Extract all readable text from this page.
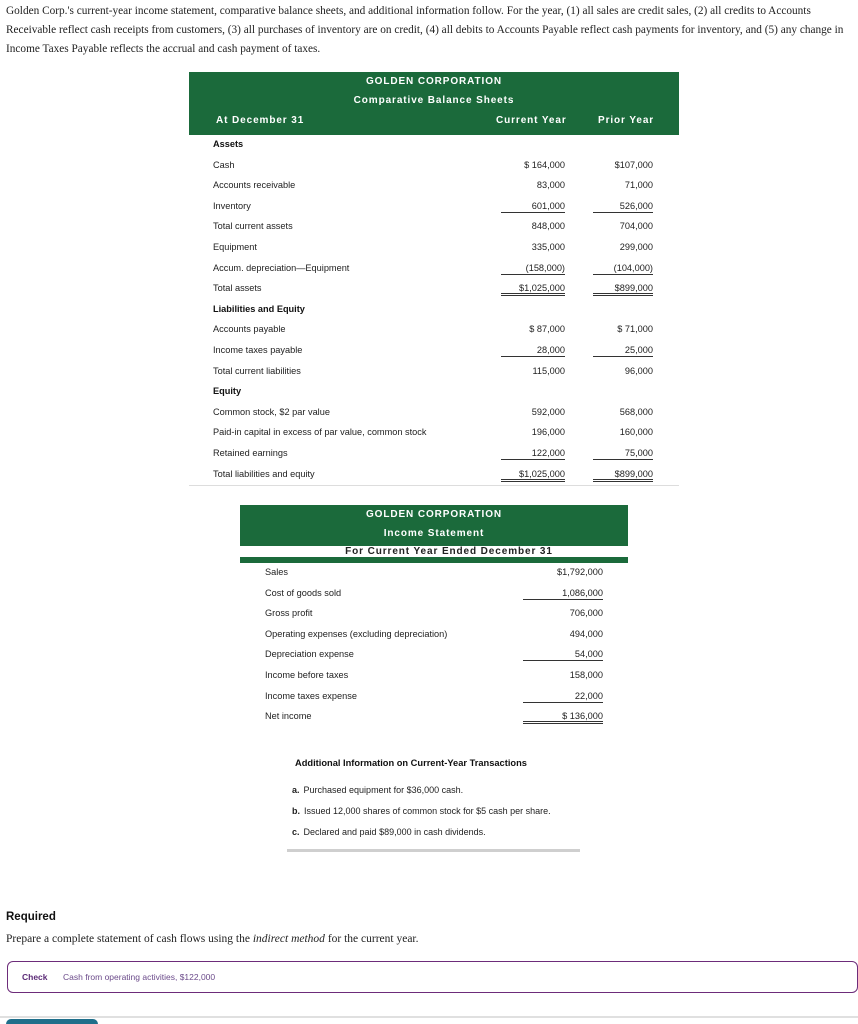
Golden Corp.'s current-year income statement, comparative balance sheets, and additional information follow. For the year, (1) all sales are credit sales, (2) all credits to Accounts Receivable reflect cash receipts from customers, (3) all purchases of inventory are on credit, (4) all debits to Accounts Payable reflect cash payments for inventory, and (5) any change in Income Taxes Payable reflects the accrual and cash payment of taxes.

GOLDEN CORPORATION
Comparative Balance Sheets
At December 31	Current Year	Prior Year
Assets
Cash	$ 164,000	$107,000
Accounts receivable	83,000	71,000
Inventory	601,000	526,000
Total current assets	848,000	704,000
Equipment	335,000	299,000
Accum. depreciation—Equipment	(158,000)	(104,000)
Total assets	$1,025,000	$899,000
Liabilities and Equity
Accounts payable	$ 87,000	$ 71,000
Income taxes payable	28,000	25,000
Total current liabilities	115,000	96,000
Equity
Common stock, $2 par value	592,000	568,000
Paid-in capital in excess of par value, common stock	196,000	160,000
Retained earnings	122,000	75,000
Total liabilities and equity	$1,025,000	$899,000
GOLDEN CORPORATION
Income Statement
For Current Year Ended December 31
Sales	$1,792,000
Cost of goods sold	1,086,000
Gross profit	706,000
Operating expenses (excluding depreciation)	494,000
Depreciation expense	54,000
Income before taxes	158,000
Income taxes expense	22,000
Net income	$ 136,000
Additional Information on Current-Year Transactions
a. Purchased equipment for $36,000 cash.
b. Issued 12,000 shares of common stock for $5 cash per share.
c. Declared and paid $89,000 in cash dividends.
Required
Prepare a complete statement of cash flows using the indirect method for the current year.
Check Cash from operating activities, $122,000
